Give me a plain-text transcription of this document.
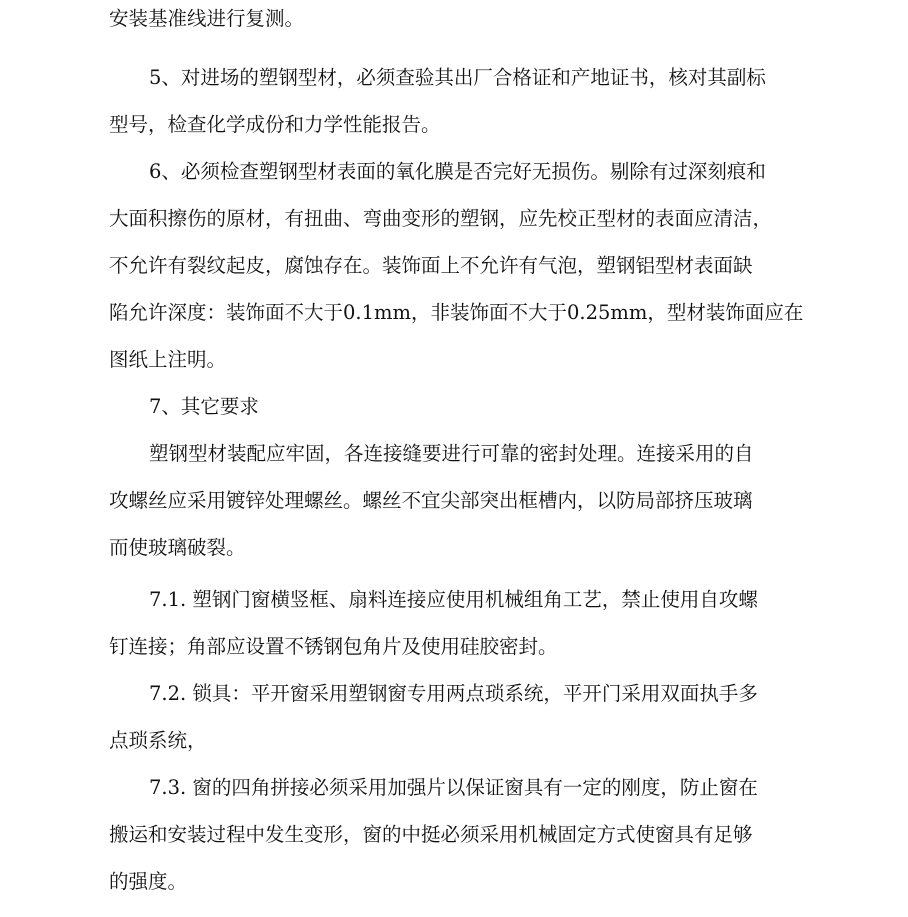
安装基准线进行复测。
5、对进场的塑钢型材，必须查验其出厂合格证和产地证书，核对其副标
型号，检查化学成份和力学性能报告。
6、必须检查塑钢型材表面的氧化膜是否完好无损伤。剔除有过深刻痕和
大面积擦伤的原材，有扭曲、弯曲变形的塑钢，应先校正型材的表面应清洁，
不允许有裂纹起皮，腐蚀存在。装饰面上不允许有气泡，塑钢铝型材表面缺
陷允许深度：装饰面不大于0.1mm，非装饰面不大于0.25mm，型材装饰面应在
图纸上注明。
7、其它要求
塑钢型材装配应牢固，各连接缝要进行可靠的密封处理。连接采用的自
攻螺丝应采用镀锌处理螺丝。螺丝不宜尖部突出框槽内，以防局部挤压玻璃
而使玻璃破裂。
7.1. 塑钢门窗横竖框、扇料连接应使用机械组角工艺，禁止使用自攻螺
钉连接；角部应设置不锈钢包角片及使用硅胶密封。
7.2. 锁具：平开窗采用塑钢窗专用两点琐系统，平开门采用双面执手多
点琐系统，
7.3. 窗的四角拼接必须采用加强片以保证窗具有一定的刚度，防止窗在
搬运和安装过程中发生变形，窗的中挺必须采用机械固定方式使窗具有足够
的强度。
